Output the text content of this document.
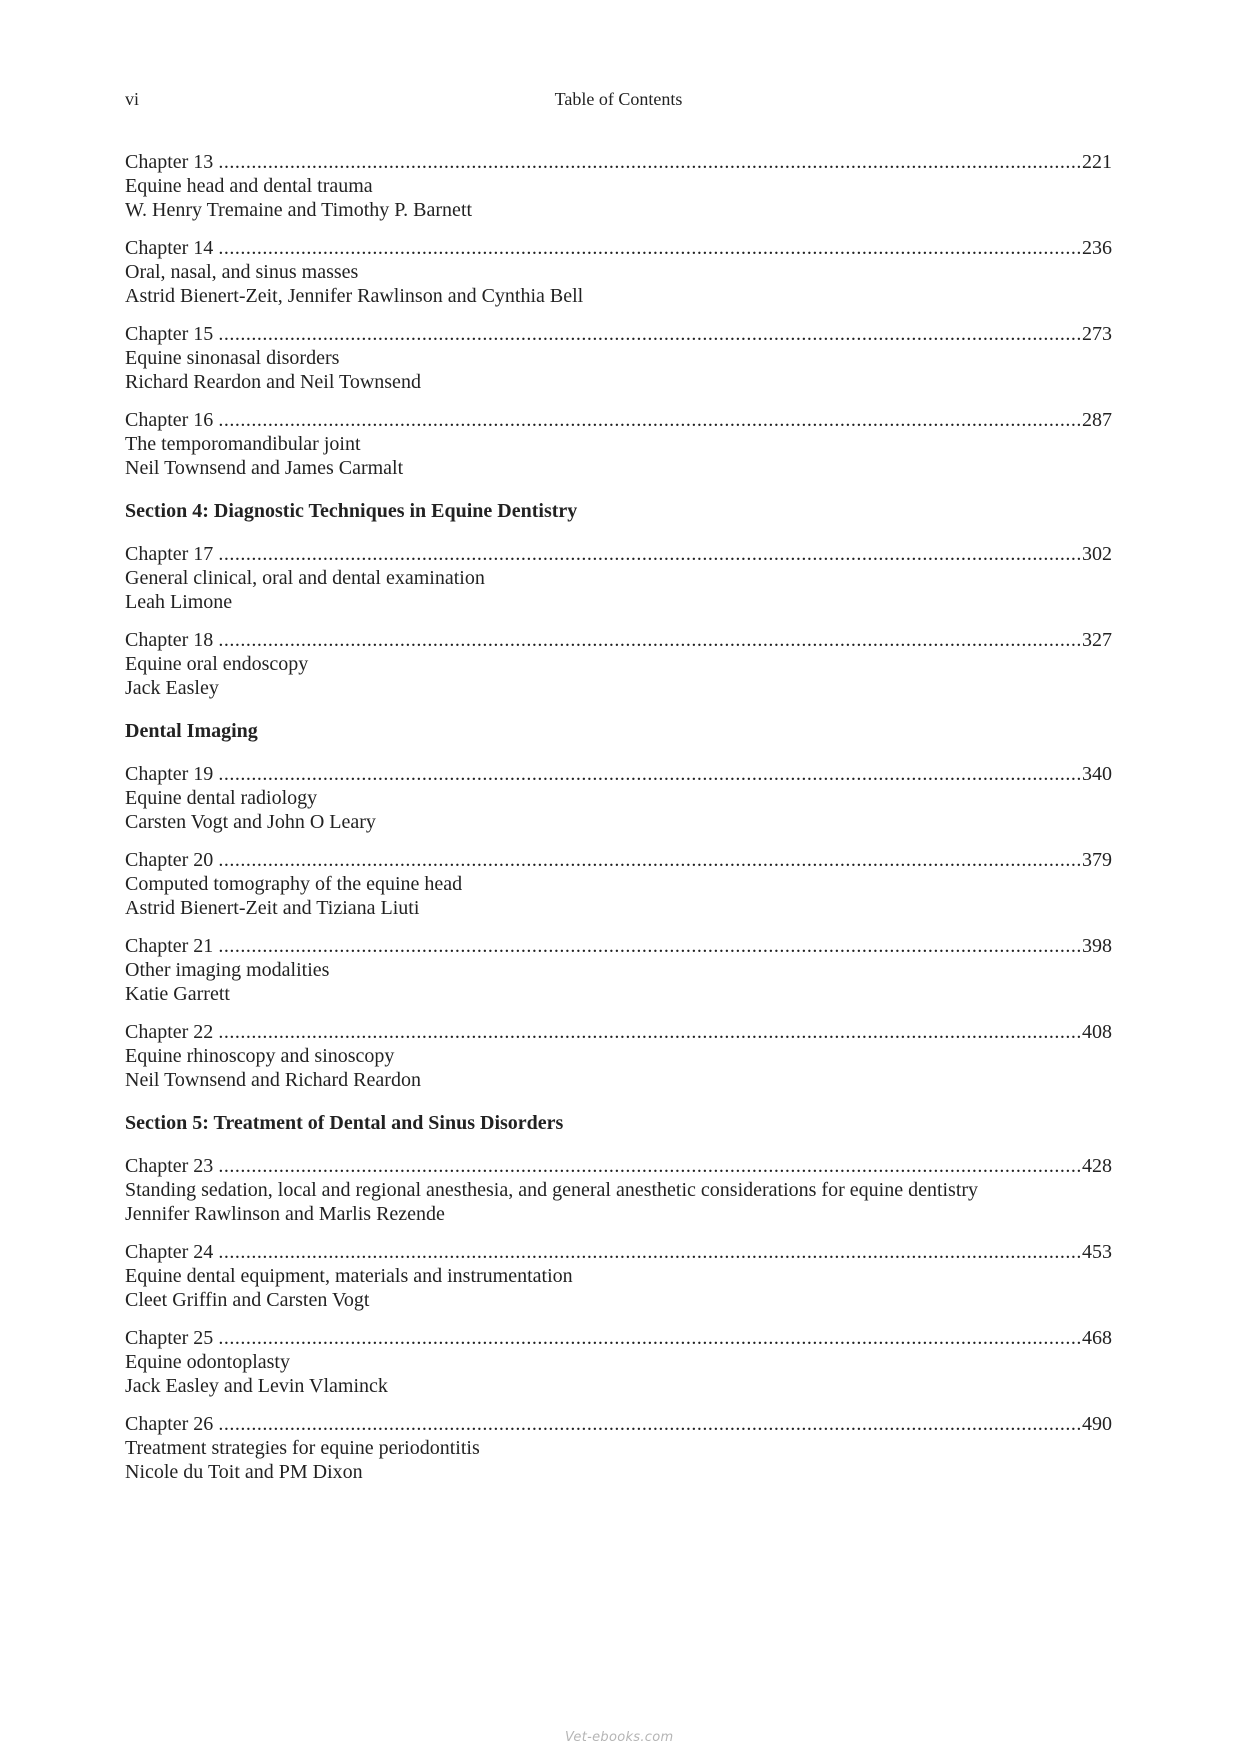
vi	Table of Contents
Chapter 13 .....	221
Equine head and dental trauma
W. Henry Tremaine and Timothy P. Barnett
Chapter 14 .....	236
Oral, nasal, and sinus masses
Astrid Bienert-Zeit, Jennifer Rawlinson and Cynthia Bell
Chapter 15 .....	273
Equine sinonasal disorders
Richard Reardon and Neil Townsend
Chapter 16 .....	287
The temporomandibular joint
Neil Townsend and James Carmalt
Section 4: Diagnostic Techniques in Equine Dentistry
Chapter 17 .....	302
General clinical, oral and dental examination
Leah Limone
Chapter 18 .....	327
Equine oral endoscopy
Jack Easley
Dental Imaging
Chapter 19 .....	340
Equine dental radiology
Carsten Vogt and John O Leary
Chapter 20 .....	379
Computed tomography of the equine head
Astrid Bienert-Zeit and Tiziana Liuti
Chapter 21 .....	398
Other imaging modalities
Katie Garrett
Chapter 22 .....	408
Equine rhinoscopy and sinoscopy
Neil Townsend and Richard Reardon
Section 5: Treatment of Dental and Sinus Disorders
Chapter 23 .....	428
Standing sedation, local and regional anesthesia, and general anesthetic considerations for equine dentistry
Jennifer Rawlinson and Marlis Rezende
Chapter 24 .....	453
Equine dental equipment, materials and instrumentation
Cleet Griffin and Carsten Vogt
Chapter 25 .....	468
Equine odontoplasty
Jack Easley and Levin Vlaminck
Chapter 26 .....	490
Treatment strategies for equine periodontitis
Nicole du Toit and PM Dixon
Vet-ebooks.com
